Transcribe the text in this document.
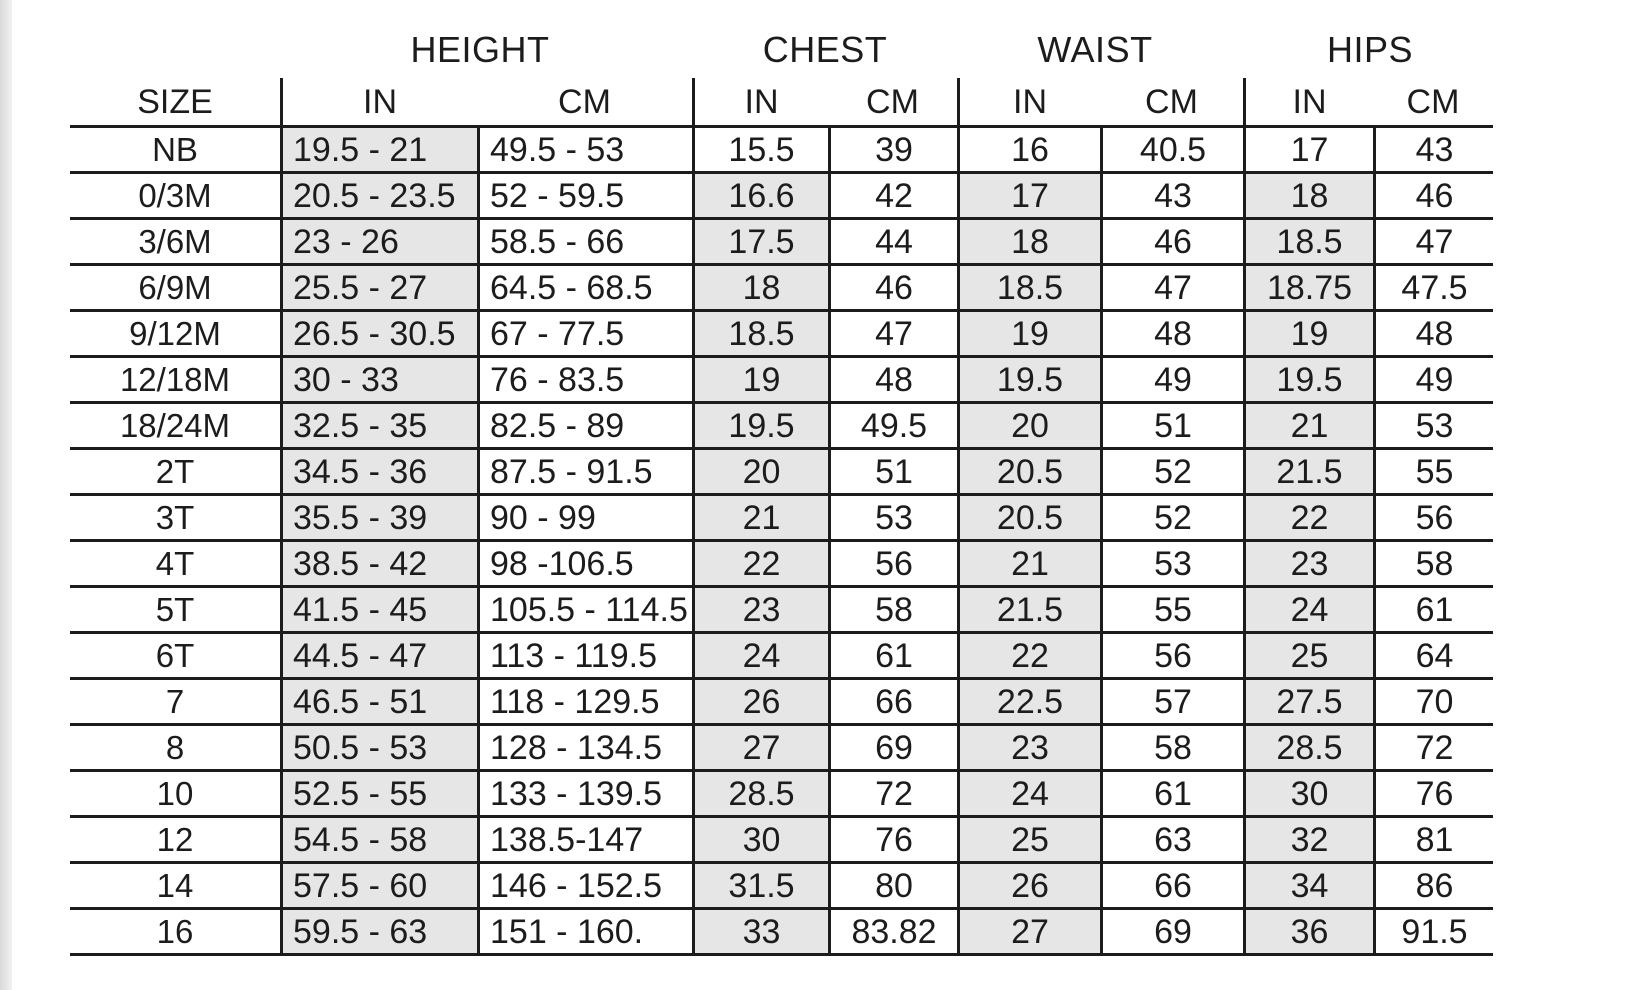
HEIGHT	CHEST	WAIST	HIPS
SIZE	IN	CM	IN	CM	IN	CM	IN	CM
NB	19.5 - 21	49.5 - 53	15.5	39	16	40.5	17	43
0/3M	20.5 - 23.5	52 - 59.5	16.6	42	17	43	18	46
3/6M	23 - 26	58.5 - 66	17.5	44	18	46	18.5	47
6/9M	25.5 - 27	64.5 - 68.5	18	46	18.5	47	18.75	47.5
9/12M	26.5 - 30.5	67 - 77.5	18.5	47	19	48	19	48
12/18M	30 - 33	76 - 83.5	19	48	19.5	49	19.5	49
18/24M	32.5 - 35	82.5 - 89	19.5	49.5	20	51	21	53
2T	34.5 - 36	87.5 - 91.5	20	51	20.5	52	21.5	55
3T	35.5 - 39	90 - 99	21	53	20.5	52	22	56
4T	38.5 - 42	98 -106.5	22	56	21	53	23	58
5T	41.5 - 45	105.5 - 114.5	23	58	21.5	55	24	61
6T	44.5 - 47	113 - 119.5	24	61	22	56	25	64
7	46.5 - 51	118 - 129.5	26	66	22.5	57	27.5	70
8	50.5 - 53	128 - 134.5	27	69	23	58	28.5	72
10	52.5 - 55	133 - 139.5	28.5	72	24	61	30	76
12	54.5 - 58	138.5-147	30	76	25	63	32	81
14	57.5 - 60	146 - 152.5	31.5	80	26	66	34	86
16	59.5 - 63	151 - 160.	33	83.82	27	69	36	91.5
